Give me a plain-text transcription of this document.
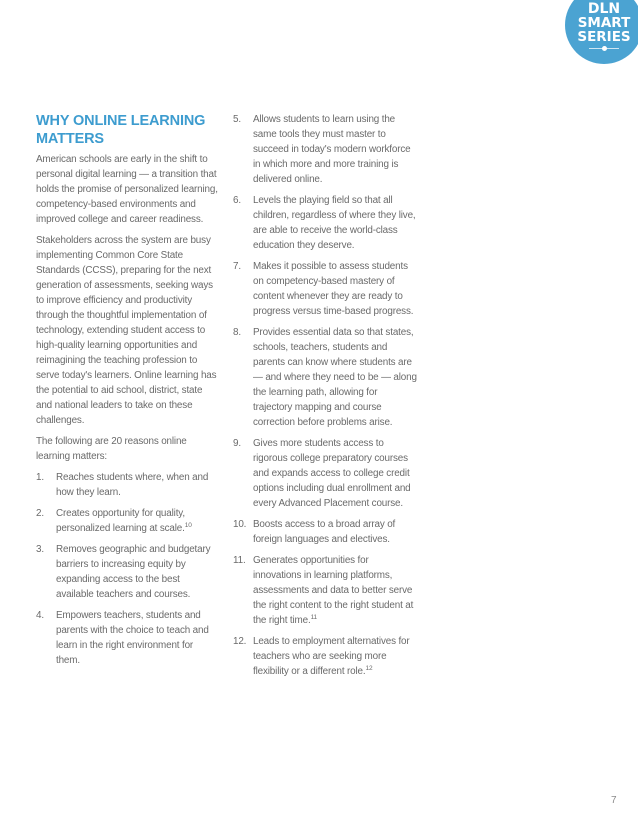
DLN
SMART
SERIES
WHY ONLINE LEARNING
MATTERS

American schools are early in the shift to personal digital learning — a transition that holds the promise of personalized learning, competency-based environments and improved college and career readiness.

Stakeholders across the system are busy implementing Common Core State Standards (CCSS), preparing for the next generation of assessments, seeking ways to improve efficiency and productivity through the thoughtful implementation of technology, extending student access to high-quality learning opportunities and reimagining the teaching profession to serve today's learners. Online learning has the potential to aid school, district, state and national leaders to take on these challenges.

The following are 20 reasons online learning matters:

1.	Reaches students where, when and how they learn.
2.	Creates opportunity for quality, personalized learning at scale.$^{10}$
3.	Removes geographic and budgetary barriers to increasing equity by expanding access to the best available teachers and courses.
4.	Empowers teachers, students and parents with the choice to teach and learn in the right environment for them.
5.	Allows students to learn using the same tools they must master to succeed in today's modern workforce in which more and more training is delivered online.
6.	Levels the playing field so that all children, regardless of where they live, are able to receive the world-class education they deserve.
7.	Makes it possible to assess students on competency-based mastery of content whenever they are ready to progress versus time-based progress.
8.	Provides essential data so that states, schools, teachers, students and parents can know where students are — and where they need to be — along the learning path, allowing for trajectory mapping and course correction before problems arise.
9.	Gives more students access to rigorous college preparatory courses and expands access to college credit options including dual enrollment and every Advanced Placement course.
10. Boosts access to a broad array of foreign languages and electives.
11. Generates opportunities for innovations in learning platforms, assessments and data to better serve the right content to the right student at the right time.$^{11}$
12. Leads to employment alternatives for teachers who are seeking more flexibility or a different role.$^{12}$
7
